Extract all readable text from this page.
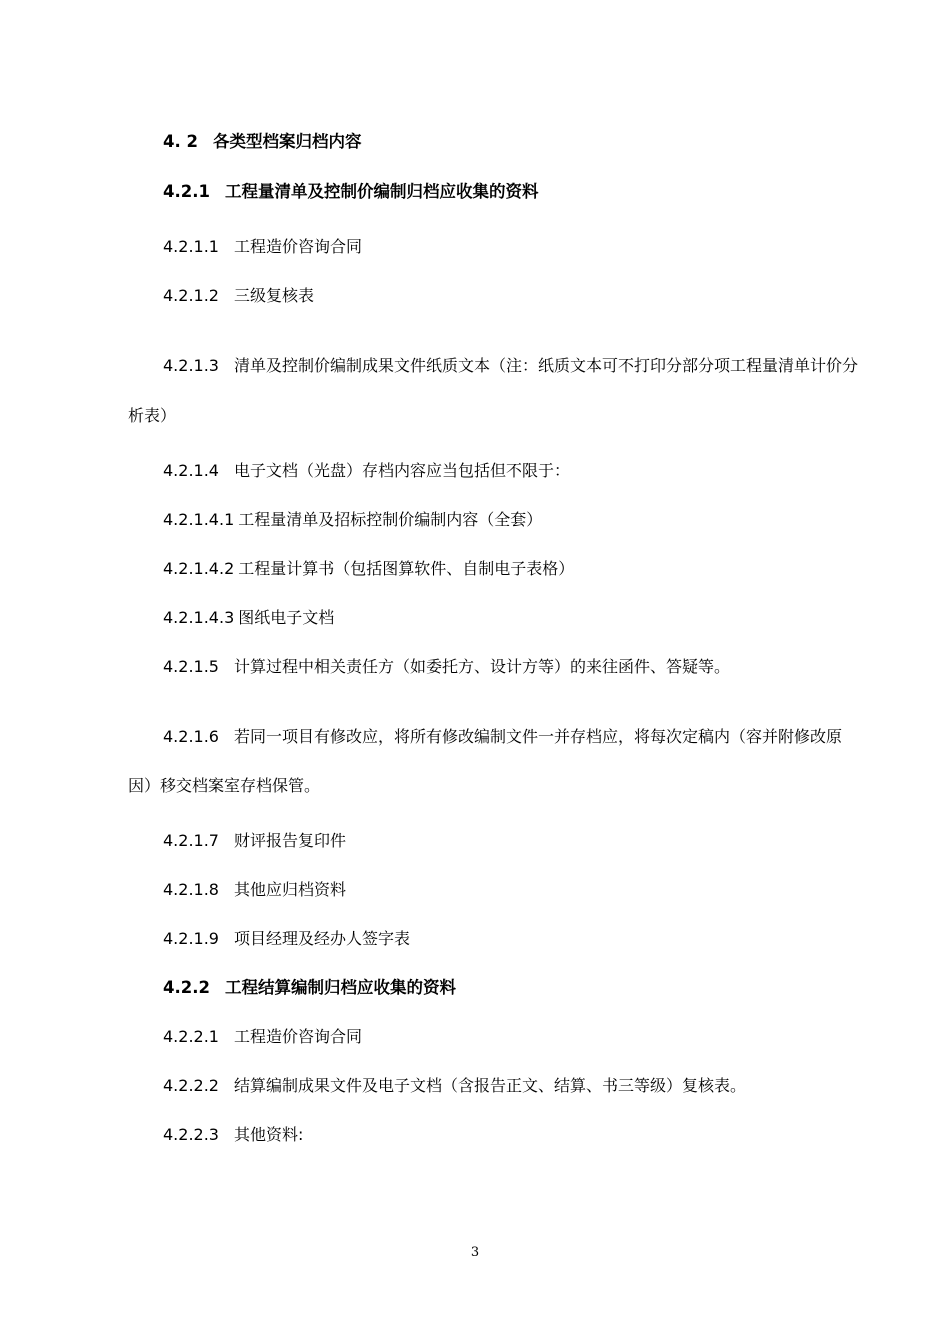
4. 2 各类型档案归档内容
4.2.1 工程量清单及控制价编制归档应收集的资料
4.2.1.1 工程造价咨询合同
4.2.1.2 三级复核表
4.2.1.3 清单及控制价编制成果文件纸质文本（注：纸质文本可不打印分部分项工程量清单计价分
析表）
4.2.1.4 电子文档（光盘）存档内容应当包括但不限于：
4.2.1.4.1 工程量清单及招标控制价编制内容（全套）
4.2.1.4.2 工程量计算书（包括图算软件、自制电子表格）
4.2.1.4.3 图纸电子文档
4.2.1.5 计算过程中相关责任方（如委托方、设计方等）的来往函件、答疑等。
4.2.1.6 若同一项目有修改应，将所有修改编制文件一并存档应，将每次定稿内（容并附修改原
因）移交档案室存档保管。
4.2.1.7 财评报告复印件
4.2.1.8 其他应归档资料
4.2.1.9 项目经理及经办人签字表
4.2.2 工程结算编制归档应收集的资料
4.2.2.1 工程造价咨询合同
4.2.2.2 结算编制成果文件及电子文档（含报告正文、结算、书三等级）复核表。
4.2.2.3 其他资料:
3
